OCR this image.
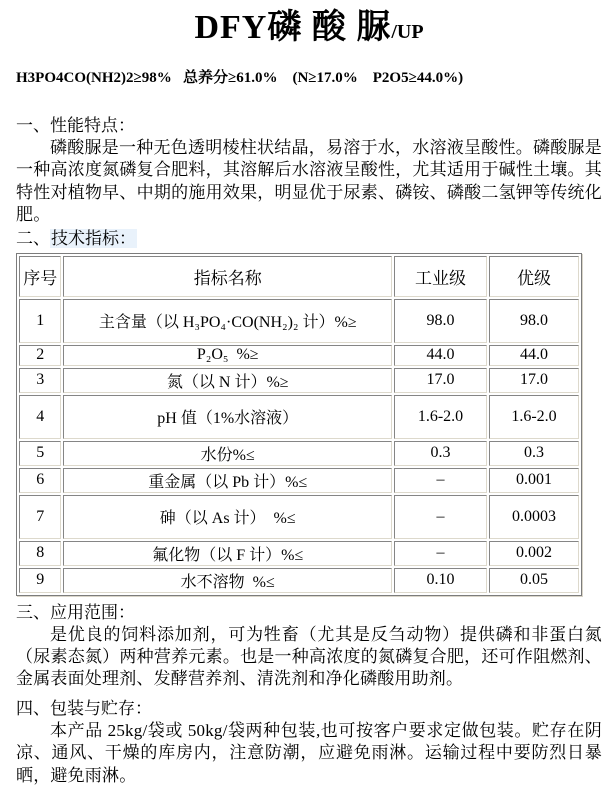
DFY磷 酸 脲/UP

H3PO4CO(NH2)2≥98%   总养分≥61.0%    (N≥17.0%    P2O5≥44.0%)

一、性能特点：

磷酸脲是一种无色透明棱柱状结晶，易溶于水，水溶液呈酸性。磷酸脲是一种高浓度氮磷复合肥料，其溶解后水溶液呈酸性，尤其适用于碱性土壤。其特性对植物早、中期的施用效果，明显优于尿素、磷铵、磷酸二氢钾等传统化肥。

二、技术指标：

序号	指标名称	工业级	优级
1	主含量（以 H₃PO₄·CO(NH₂)₂ 计）%≥	98.0	98.0
2	P₂O₅  %≥	44.0	44.0
3	氮（以 N 计）%≥	17.0	17.0
4	pH 值（1%水溶液）	1.6-2.0	1.6-2.0
5	水份%≤	0.3	0.3
6	重金属（以 Pb 计）%≤	–	0.001
7	砷（以 As 计）  %≤	–	0.0003
8	氟化物（以 F 计）%≤	–	0.002
9	水不溶物  %≤	0.10	0.05

三、应用范围：

是优良的饲料添加剂，可为牲畜（尤其是反刍动物）提供磷和非蛋白氮（尿素态氮）两种营养元素。也是一种高浓度的氮磷复合肥，还可作阻燃剂、金属表面处理剂、发酵营养剂、清洗剂和净化磷酸用助剂。

四、包装与贮存：

本产品 25kg/袋或 50kg/袋两种包装,也可按客户要求定做包装。贮存在阴凉、通风、干燥的库房内，注意防潮，应避免雨淋。运输过程中要防烈日暴晒，避免雨淋。
